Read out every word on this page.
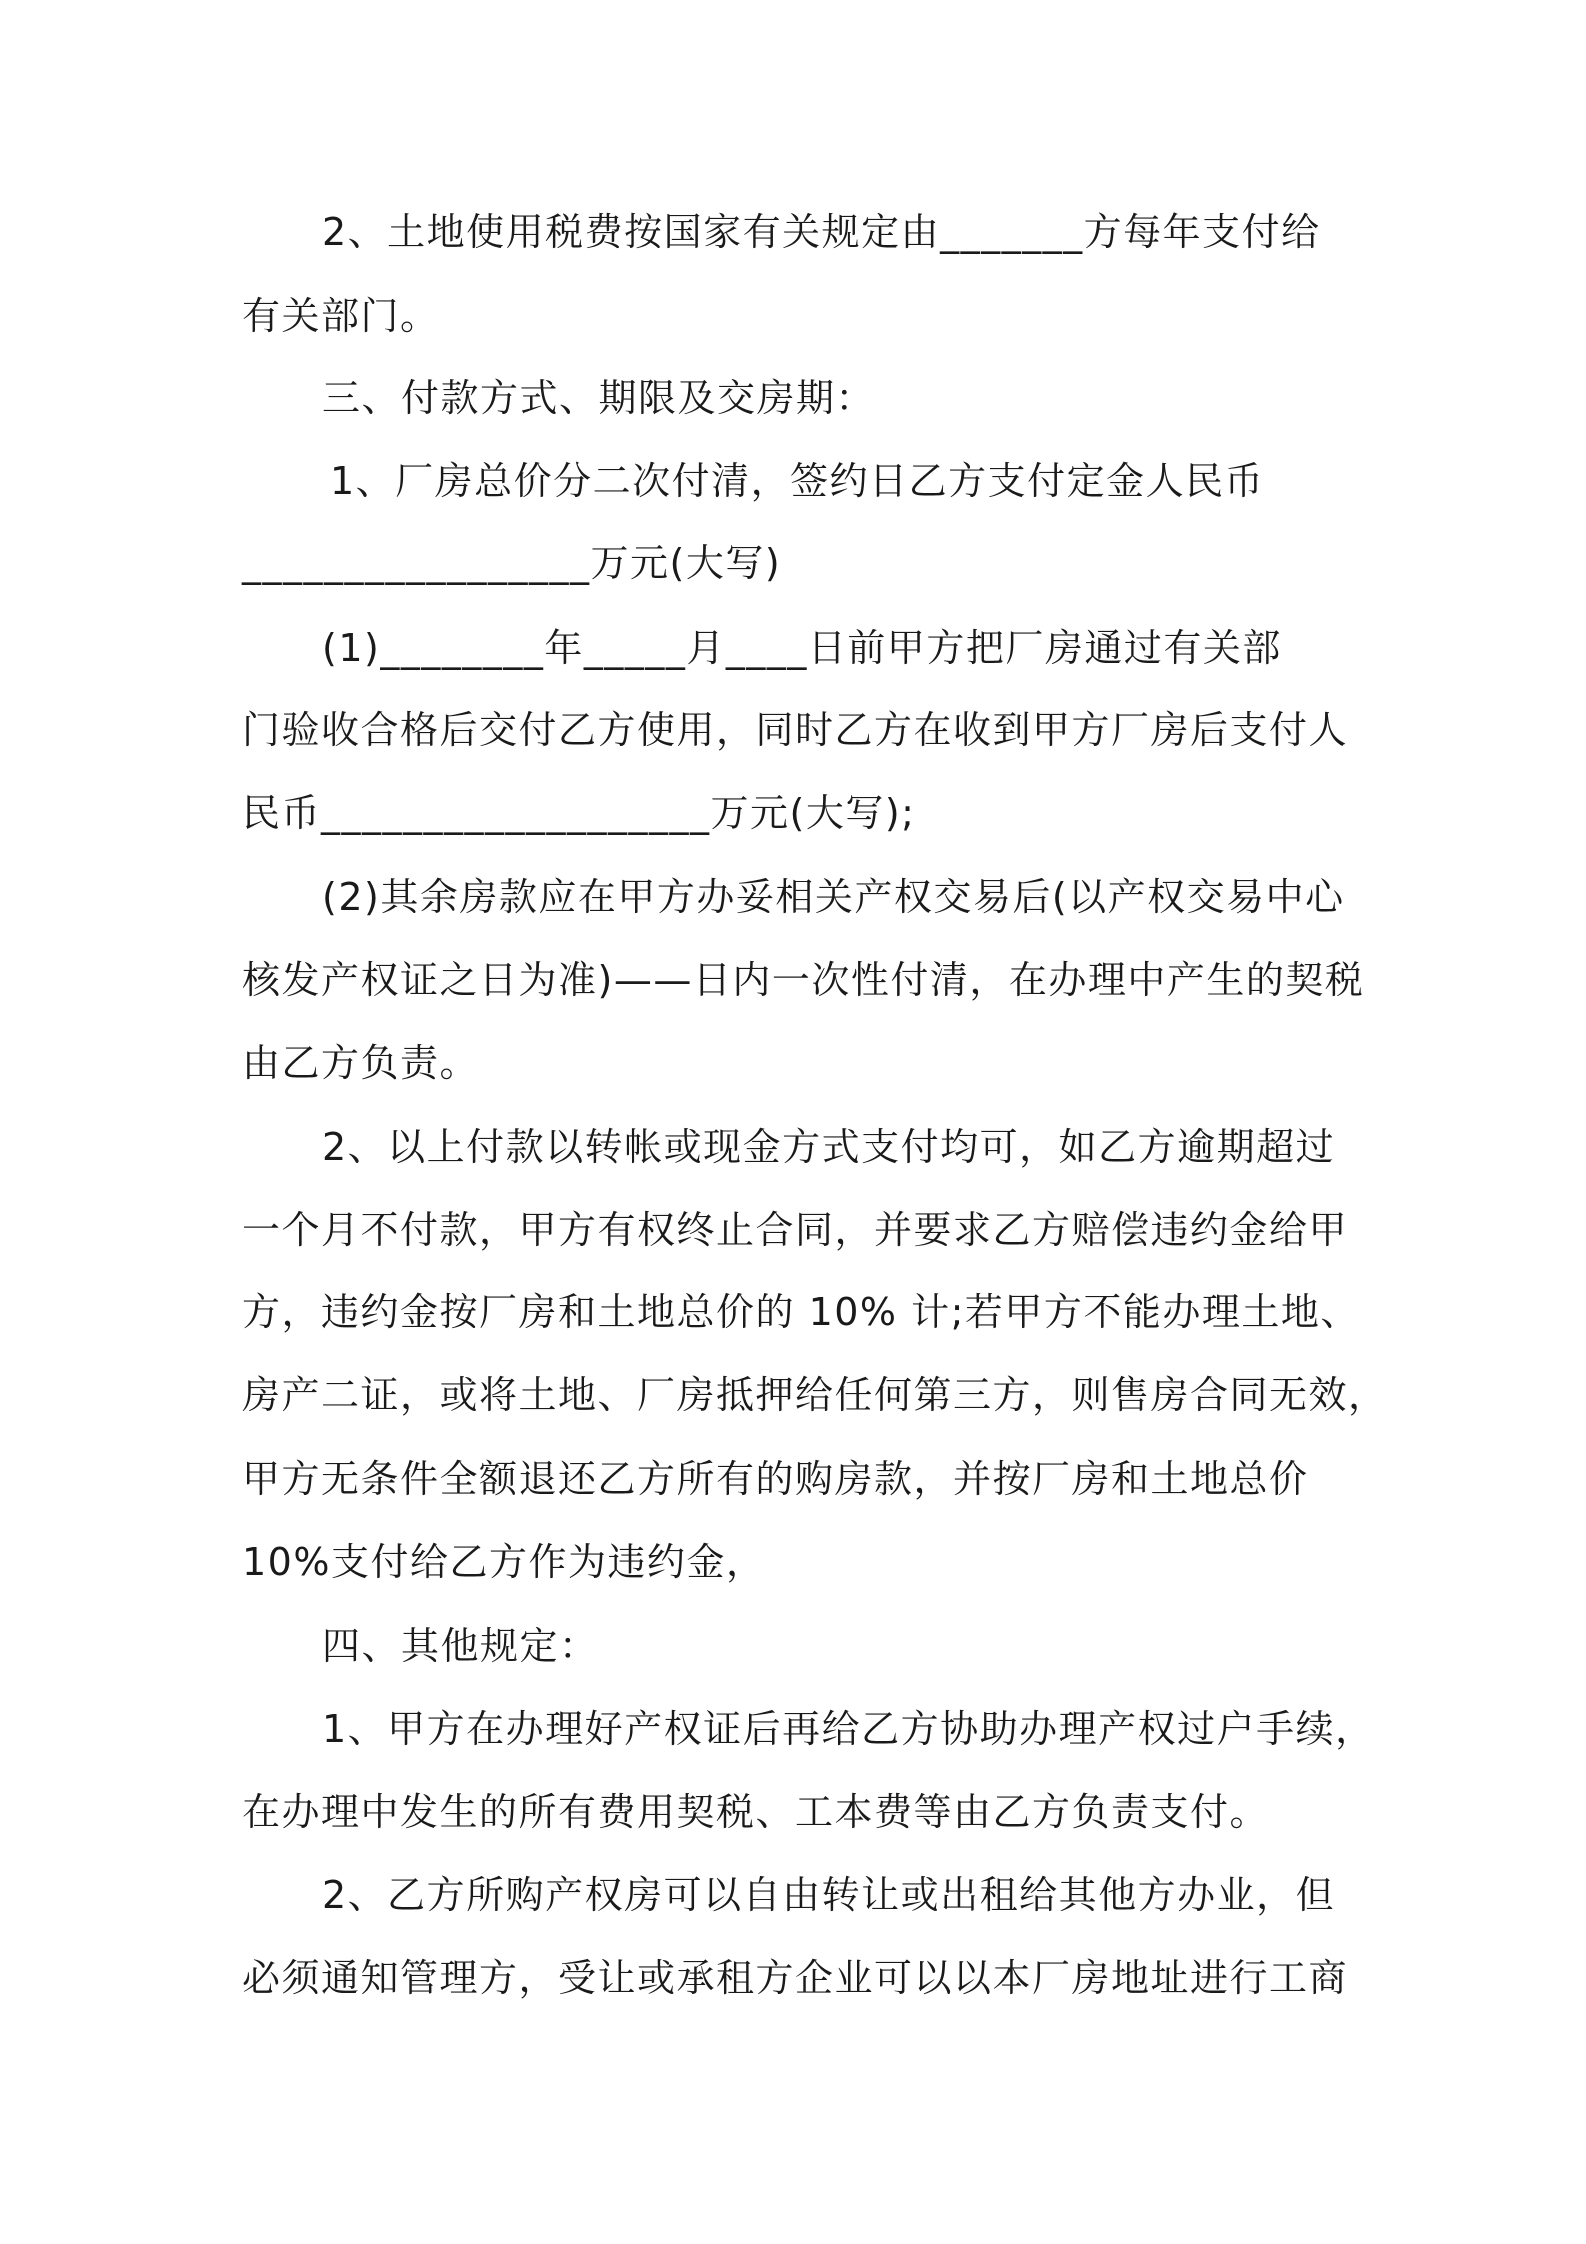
2、土地使用税费按国家有关规定由_______方每年支付给
有关部门。
三、付款方式、期限及交房期：
1、厂房总价分二次付清，签约日乙方支付定金人民币
_________________万元(大写)
(1)________年_____月____日前甲方把厂房通过有关部
门验收合格后交付乙方使用，同时乙方在收到甲方厂房后支付人
民币___________________万元(大写);
(2)其余房款应在甲方办妥相关产权交易后(以产权交易中心
核发产权证之日为准)——日内一次性付清，在办理中产生的契税
由乙方负责。
2、以上付款以转帐或现金方式支付均可，如乙方逾期超过
一个月不付款，甲方有权终止合同，并要求乙方赔偿违约金给甲
方，违约金按厂房和土地总价的 10% 计;若甲方不能办理土地、
房产二证，或将土地、厂房抵押给任何第三方，则售房合同无效，
甲方无条件全额退还乙方所有的购房款，并按厂房和土地总价
10%支付给乙方作为违约金，
四、其他规定：
1、甲方在办理好产权证后再给乙方协助办理产权过户手续，
在办理中发生的所有费用契税、工本费等由乙方负责支付。
2、乙方所购产权房可以自由转让或出租给其他方办业，但
必须通知管理方，受让或承租方企业可以以本厂房地址进行工商
